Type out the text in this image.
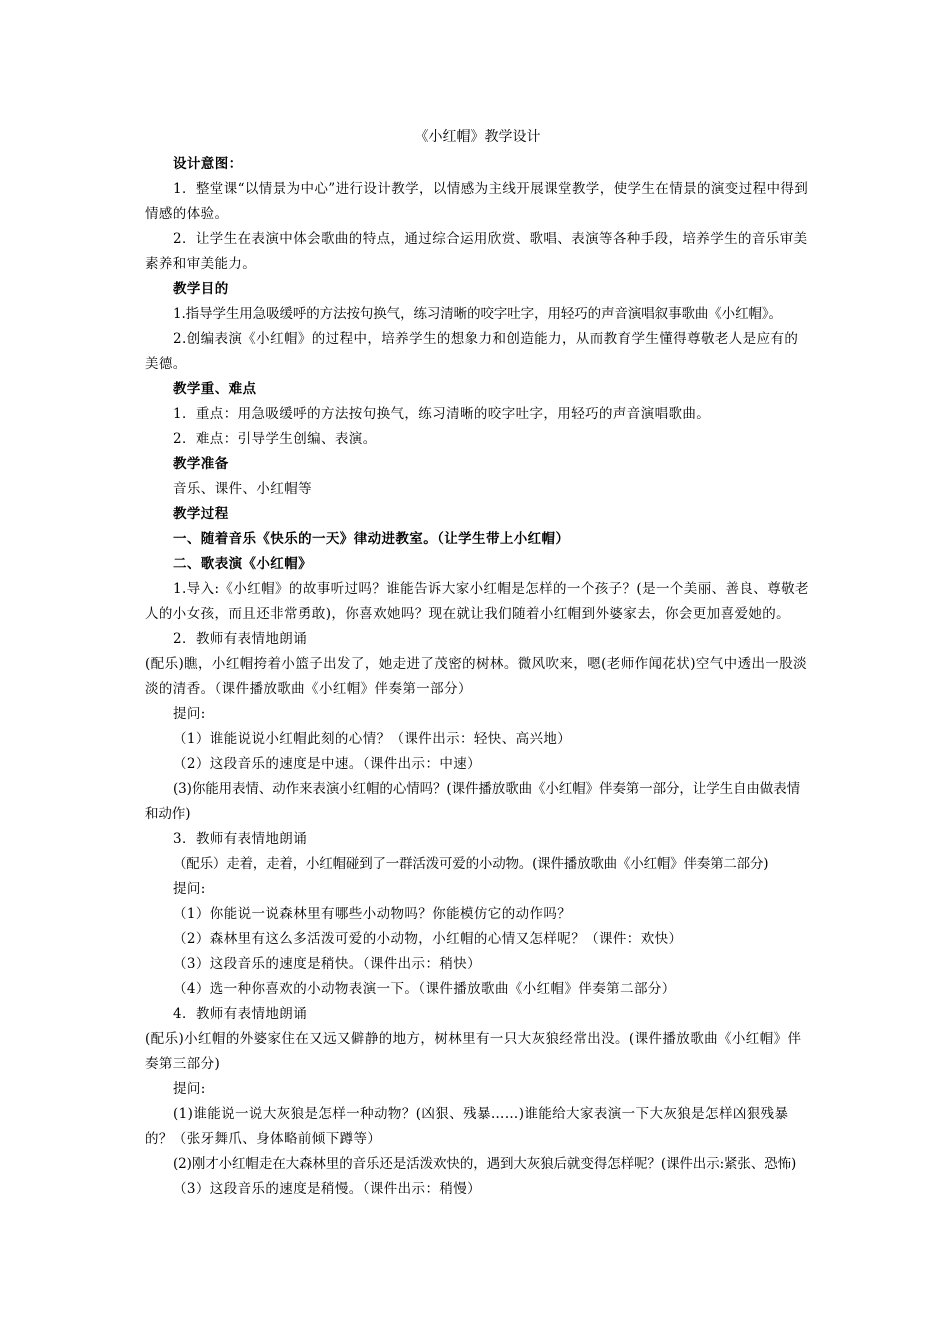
《小红帽》教学设计

设计意图：

1．整堂课“以情景为中心”进行设计教学，以情感为主线开展课堂教学，使学生在情景的演变过程中得到情感的体验。

2．让学生在表演中体会歌曲的特点，通过综合运用欣赏、歌唱、表演等各种手段，培养学生的音乐审美素养和审美能力。

教学目的

1.指导学生用急吸缓呼的方法按句换气，练习清晰的咬字吐字，用轻巧的声音演唱叙事歌曲《小红帽》。

2.创编表演《小红帽》的过程中，培养学生的想象力和创造能力，从而教育学生懂得尊敬老人是应有的美德。

教学重、难点

1．重点：用急吸缓呼的方法按句换气，练习清晰的咬字吐字，用轻巧的声音演唱歌曲。

2．难点：引导学生创编、表演。

教学准备

音乐、课件、小红帽等

教学过程

一、随着音乐《快乐的一天》律动进教室。（让学生带上小红帽）

二、歌表演《小红帽》

1.导入:《小红帽》的故事听过吗？谁能告诉大家小红帽是怎样的一个孩子？(是一个美丽、善良、尊敬老人的小女孩，而且还非常勇敢)，你喜欢她吗？现在就让我们随着小红帽到外婆家去，你会更加喜爱她的。

2．教师有表情地朗诵

(配乐)瞧，小红帽挎着小篮子出发了，她走进了茂密的树林。微风吹来，嗯(老师作闻花状)空气中透出一股淡淡的清香。（课件播放歌曲《小红帽》伴奏第一部分）

提问:

（1）谁能说说小红帽此刻的心情？（课件出示：轻快、高兴地）

（2）这段音乐的速度是中速。（课件出示：中速）

(3)你能用表情、动作来表演小红帽的心情吗？(课件播放歌曲《小红帽》伴奏第一部分，让学生自由做表情和动作)

3．教师有表情地朗诵

（配乐）走着，走着，小红帽碰到了一群活泼可爱的小动物。(课件播放歌曲《小红帽》伴奏第二部分)

提问:

（1）你能说一说森林里有哪些小动物吗？你能模仿它的动作吗？

（2）森林里有这么多活泼可爱的小动物，小红帽的心情又怎样呢？（课件：欢快）

（3）这段音乐的速度是稍快。（课件出示：稍快）

（4）选一种你喜欢的小动物表演一下。（课件播放歌曲《小红帽》伴奏第二部分）

4．教师有表情地朗诵

(配乐)小红帽的外婆家住在又远又僻静的地方，树林里有一只大灰狼经常出没。(课件播放歌曲《小红帽》伴奏第三部分)

提问:

(1)谁能说一说大灰狼是怎样一种动物？(凶狠、残暴……)谁能给大家表演一下大灰狼是怎样凶狠残暴的？（张牙舞爪、身体略前倾下蹲等）

(2)刚才小红帽走在大森林里的音乐还是活泼欢快的，遇到大灰狼后就变得怎样呢？(课件出示:紧张、恐怖)

（3）这段音乐的速度是稍慢。（课件出示：稍慢）
